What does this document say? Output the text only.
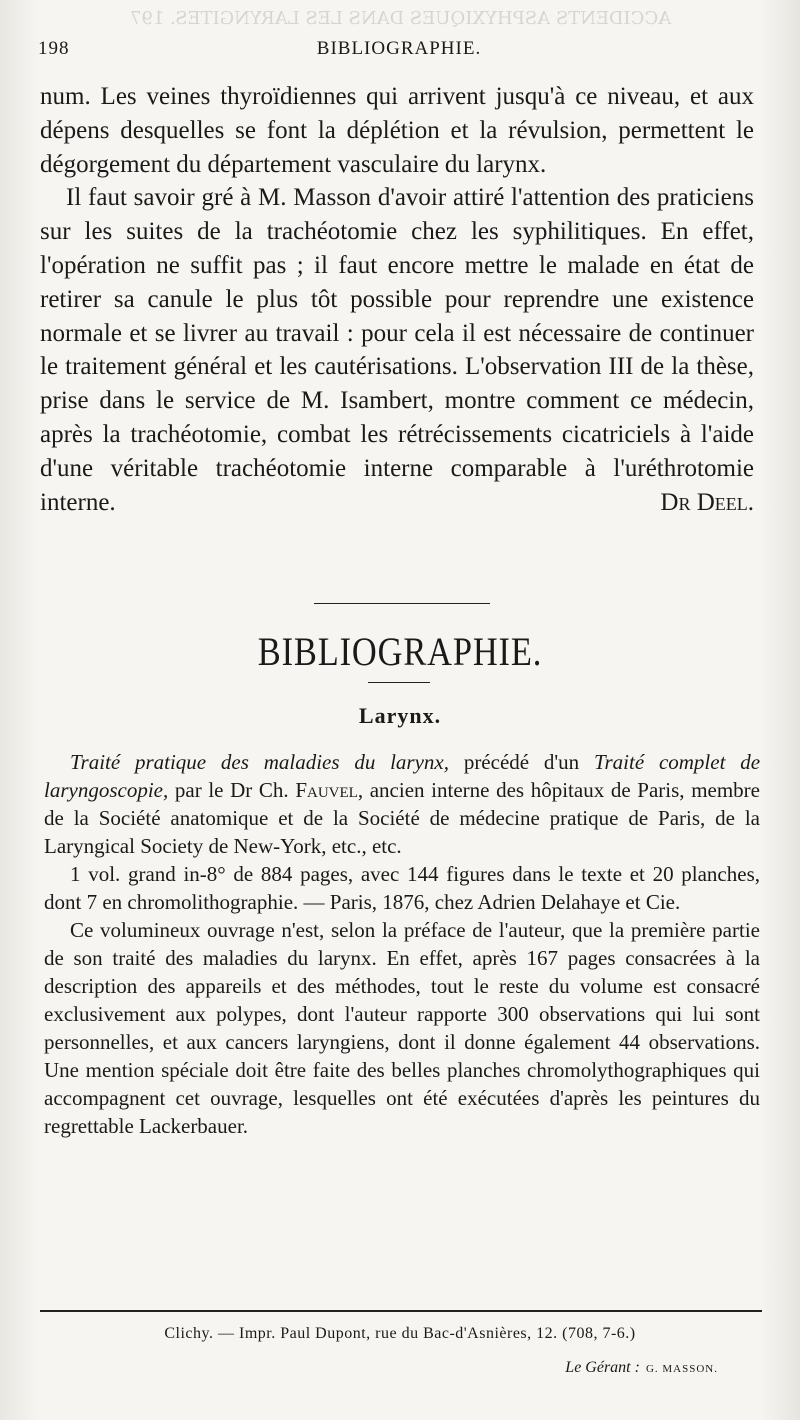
ACCIDENTS ASPHYXIQUES DANS LES LARYNGITES. 197
198	BIBLIOGRAPHIE.

num. Les veines thyroïdiennes qui arrivent jusqu'à ce niveau, et aux dépens desquelles se font la déplétion et la révulsion, permettent le dégorgement du département vasculaire du larynx.

Il faut savoir gré à M. Masson d'avoir attiré l'attention des praticiens sur les suites de la trachéotomie chez les syphilitiques. En effet, l'opération ne suffit pas ; il faut encore mettre le malade en état de retirer sa canule le plus tôt possible pour reprendre une existence normale et se livrer au travail : pour cela il est nécessaire de continuer le traitement général et les cautérisations. L'observation III de la thèse, prise dans le service de M. Isambert, montre comment ce médecin, après la trachéotomie, combat les rétrécissements cicatriciels à l'aide d'une véritable trachéotomie interne comparable à l'uréthrotomie interne.	Dr Deel.

BIBLIOGRAPHIE.
Larynx.

Traité pratique des maladies du larynx, précédé d'un Traité complet de laryngoscopie, par le Dr Ch. Fauvel, ancien interne des hôpitaux de Paris, membre de la Société anatomique et de la Société de médecine pratique de Paris, de la Laryngical Society de New-York, etc., etc.

1 vol. grand in-8° de 884 pages, avec 144 figures dans le texte et 20 planches, dont 7 en chromolithographie. — Paris, 1876, chez Adrien Delahaye et Cie.

Ce volumineux ouvrage n'est, selon la préface de l'auteur, que la première partie de son traité des maladies du larynx. En effet, après 167 pages consacrées à la description des appareils et des méthodes, tout le reste du volume est consacré exclusivement aux polypes, dont l'auteur rapporte 300 observations qui lui sont personnelles, et aux cancers laryngiens, dont il donne également 44 observations. Une mention spéciale doit être faite des belles planches chromolythographiques qui accompagnent cet ouvrage, lesquelles ont été exécutées d'après les peintures du regrettable Lackerbauer.

Clichy. — Impr. Paul Dupont, rue du Bac-d'Asnières, 12. (708, 7-6.)
Le Gérant : G. MASSON.
